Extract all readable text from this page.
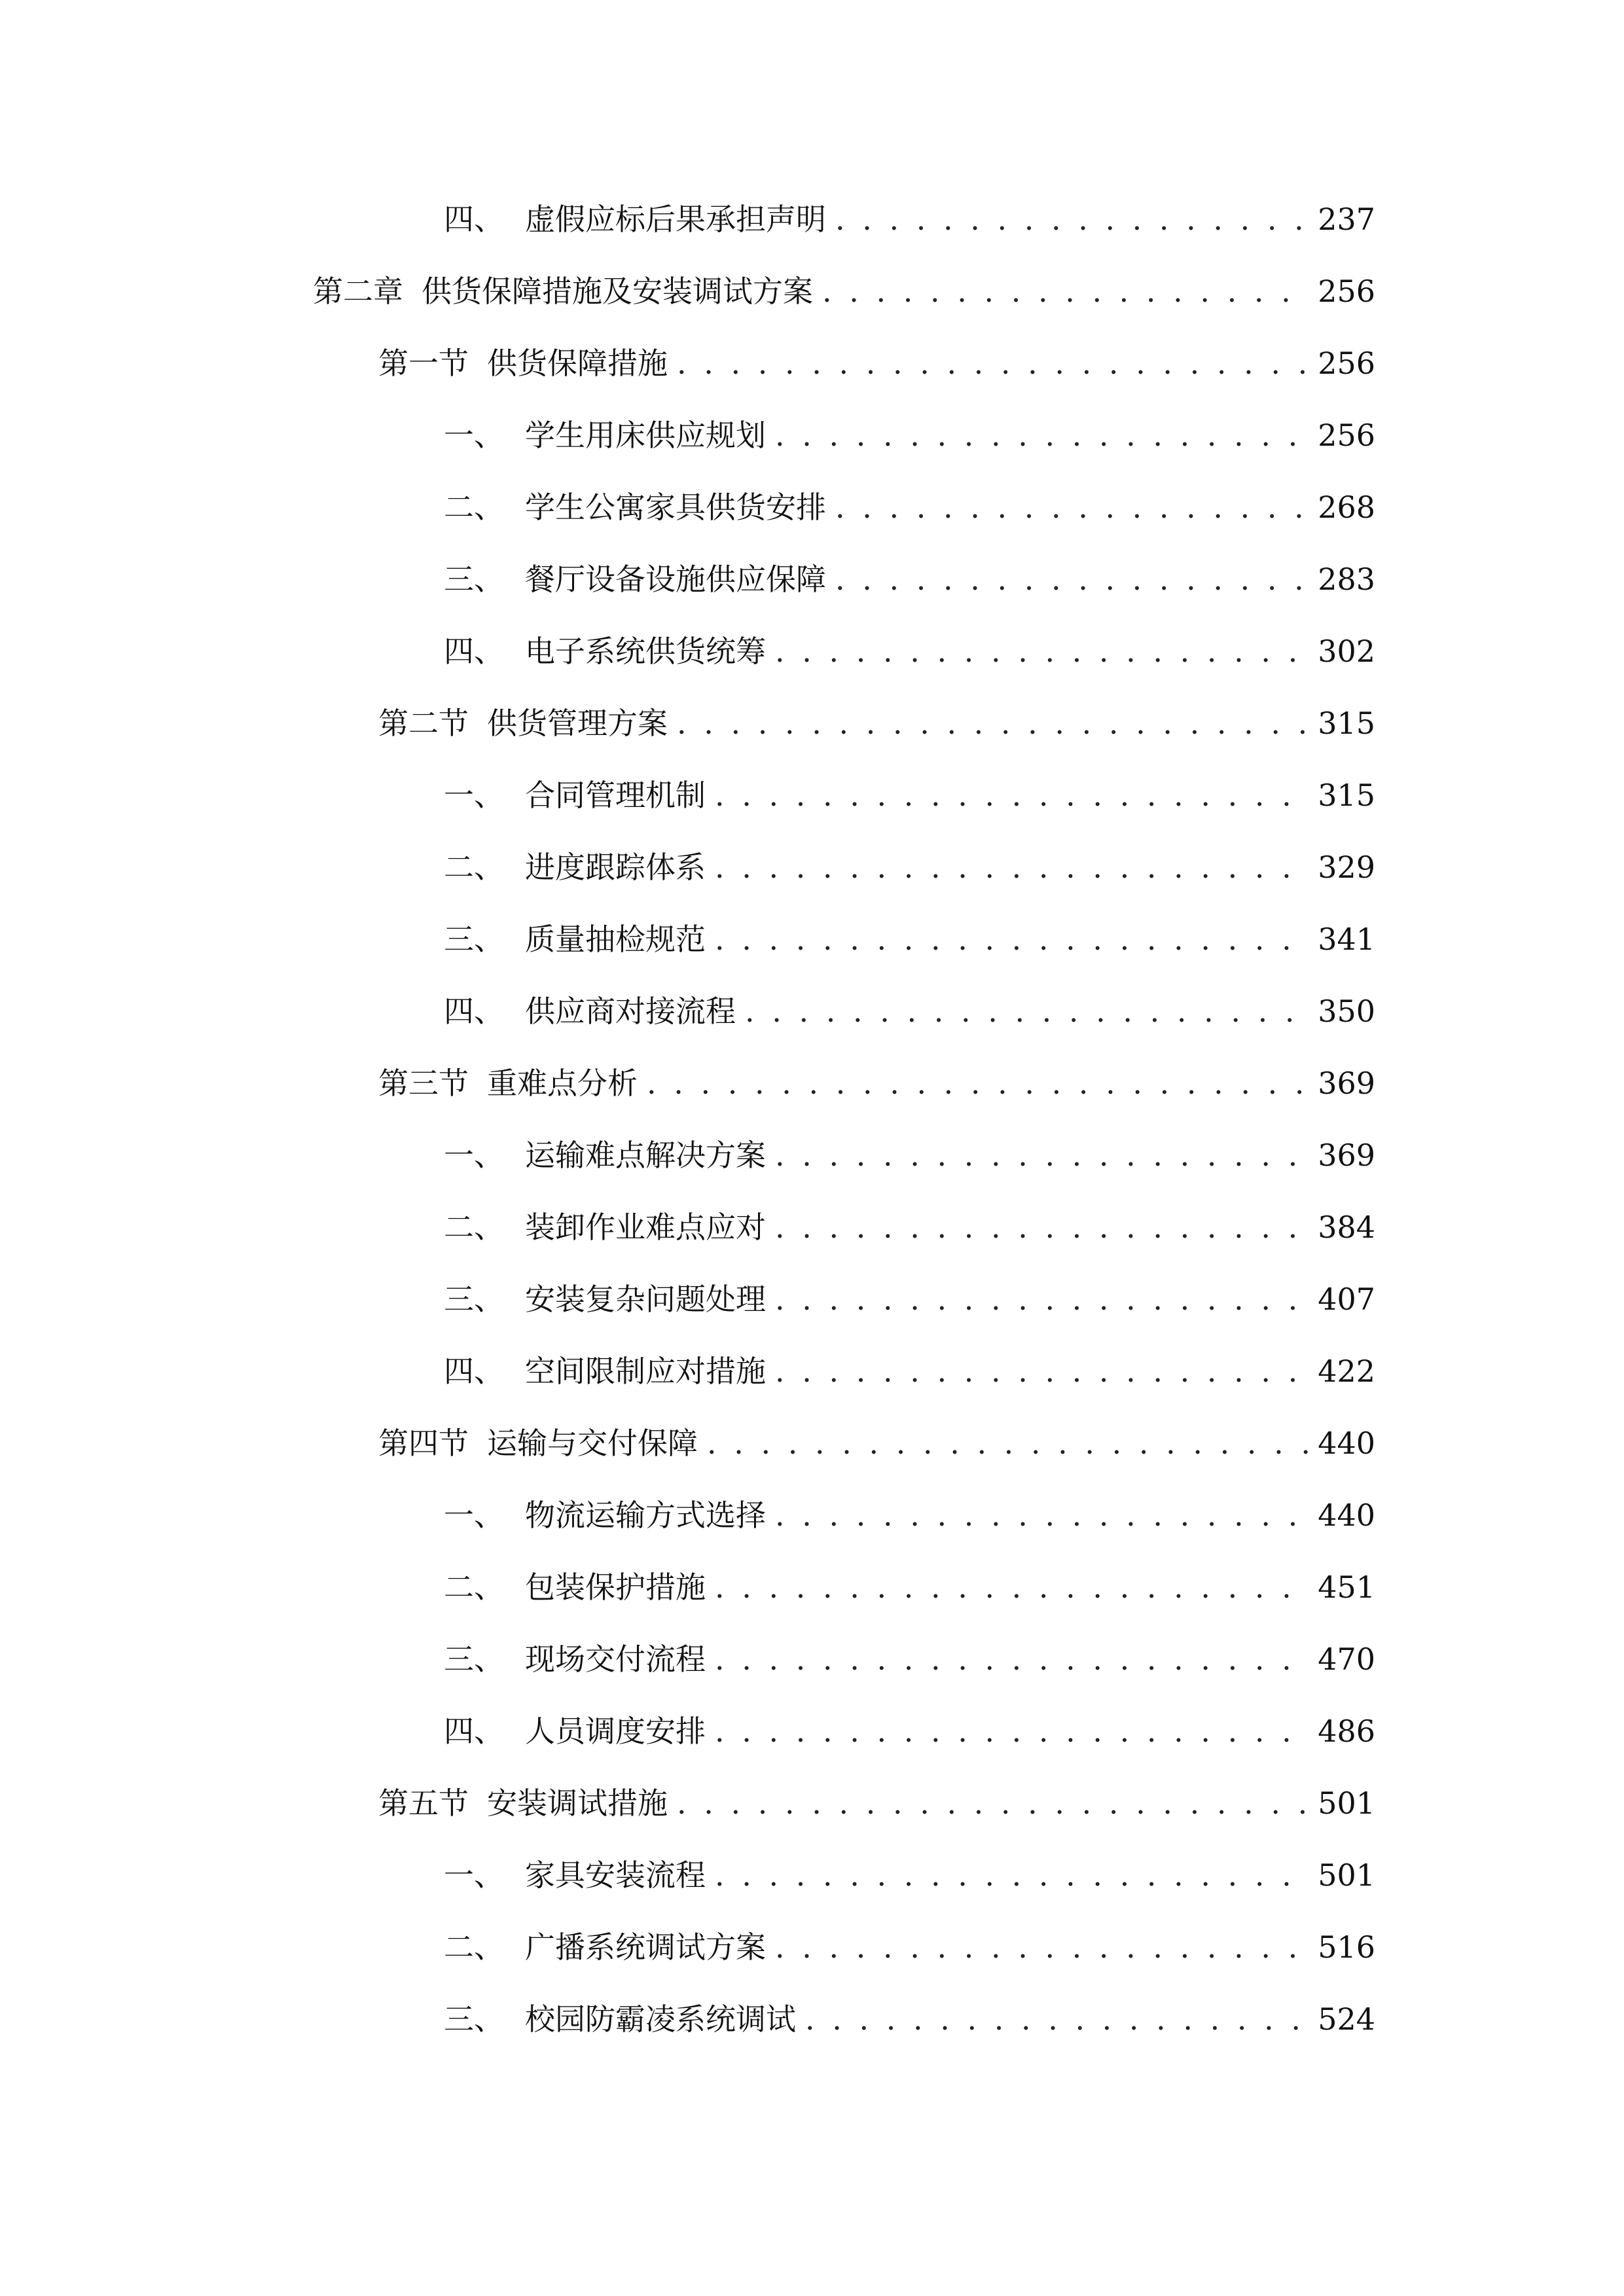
四、 虚假应标后果承担声明 . . .	237
第二章 供货保障措施及安装调试方案 . . .	256
第一节 供货保障措施 . . .	256
一、 学生用床供应规划 . . .	256
二、 学生公寓家具供货安排 . . .	268
三、 餐厅设备设施供应保障 . . .	283
四、 电子系统供货统筹 . . .	302
第二节 供货管理方案 . . .	315
一、 合同管理机制 . . .	315
二、 进度跟踪体系 . . .	329
三、 质量抽检规范 . . .	341
四、 供应商对接流程 . . .	350
第三节 重难点分析 . . .	369
一、 运输难点解决方案 . . .	369
二、 装卸作业难点应对 . . .	384
三、 安装复杂问题处理 . . .	407
四、 空间限制应对措施 . . .	422
第四节 运输与交付保障 . . .	440
一、 物流运输方式选择 . . .	440
二、 包装保护措施 . . .	451
三、 现场交付流程 . . .	470
四、 人员调度安排 . . .	486
第五节 安装调试措施 . . .	501
一、 家具安装流程 . . .	501
二、 广播系统调试方案 . . .	516
三、 校园防霸凌系统调试 . . .	524
